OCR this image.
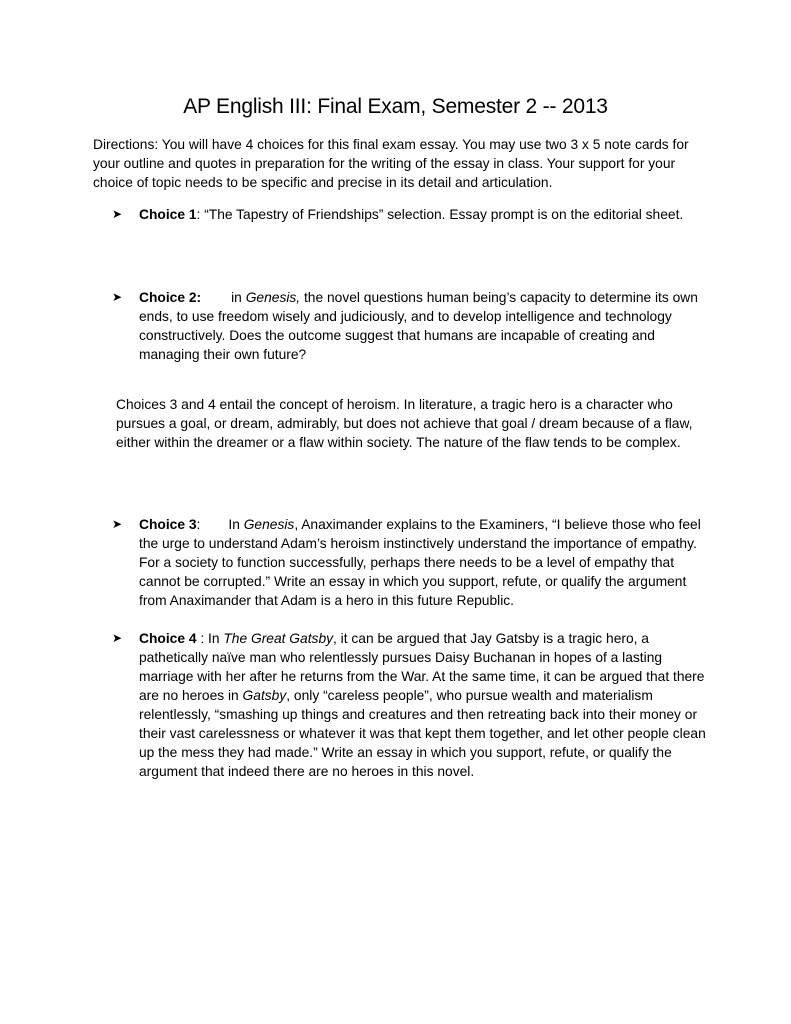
AP English III: Final Exam, Semester 2 -- 2013
Directions: You will have 4 choices for this final exam essay. You may use two 3 x 5 note cards for your outline and quotes in preparation for the writing of the essay in class. Your support for your choice of topic needs to be specific and precise in its detail and articulation.
➤ Choice 1: “The Tapestry of Friendships” selection. Essay prompt is on the editorial sheet.
➤ Choice 2: in Genesis, the novel questions human being’s capacity to determine its own ends, to use freedom wisely and judiciously, and to develop intelligence and technology constructively. Does the outcome suggest that humans are incapable of creating and managing their own future?
Choices 3 and 4 entail the concept of heroism. In literature, a tragic hero is a character who pursues a goal, or dream, admirably, but does not achieve that goal / dream because of a flaw, either within the dreamer or a flaw within society. The nature of the flaw tends to be complex.
➤ Choice 3: In Genesis, Anaximander explains to the Examiners, “I believe those who feel the urge to understand Adam’s heroism instinctively understand the importance of empathy. For a society to function successfully, perhaps there needs to be a level of empathy that cannot be corrupted.” Write an essay in which you support, refute, or qualify the argument from Anaximander that Adam is a hero in this future Republic.
➤ Choice 4 : In The Great Gatsby, it can be argued that Jay Gatsby is a tragic hero, a pathetically naïve man who relentlessly pursues Daisy Buchanan in hopes of a lasting marriage with her after he returns from the War. At the same time, it can be argued that there are no heroes in Gatsby, only “careless people”, who pursue wealth and materialism relentlessly, “smashing up things and creatures and then retreating back into their money or their vast carelessness or whatever it was that kept them together, and let other people clean up the mess they had made.” Write an essay in which you support, refute, or qualify the argument that indeed there are no heroes in this novel.
